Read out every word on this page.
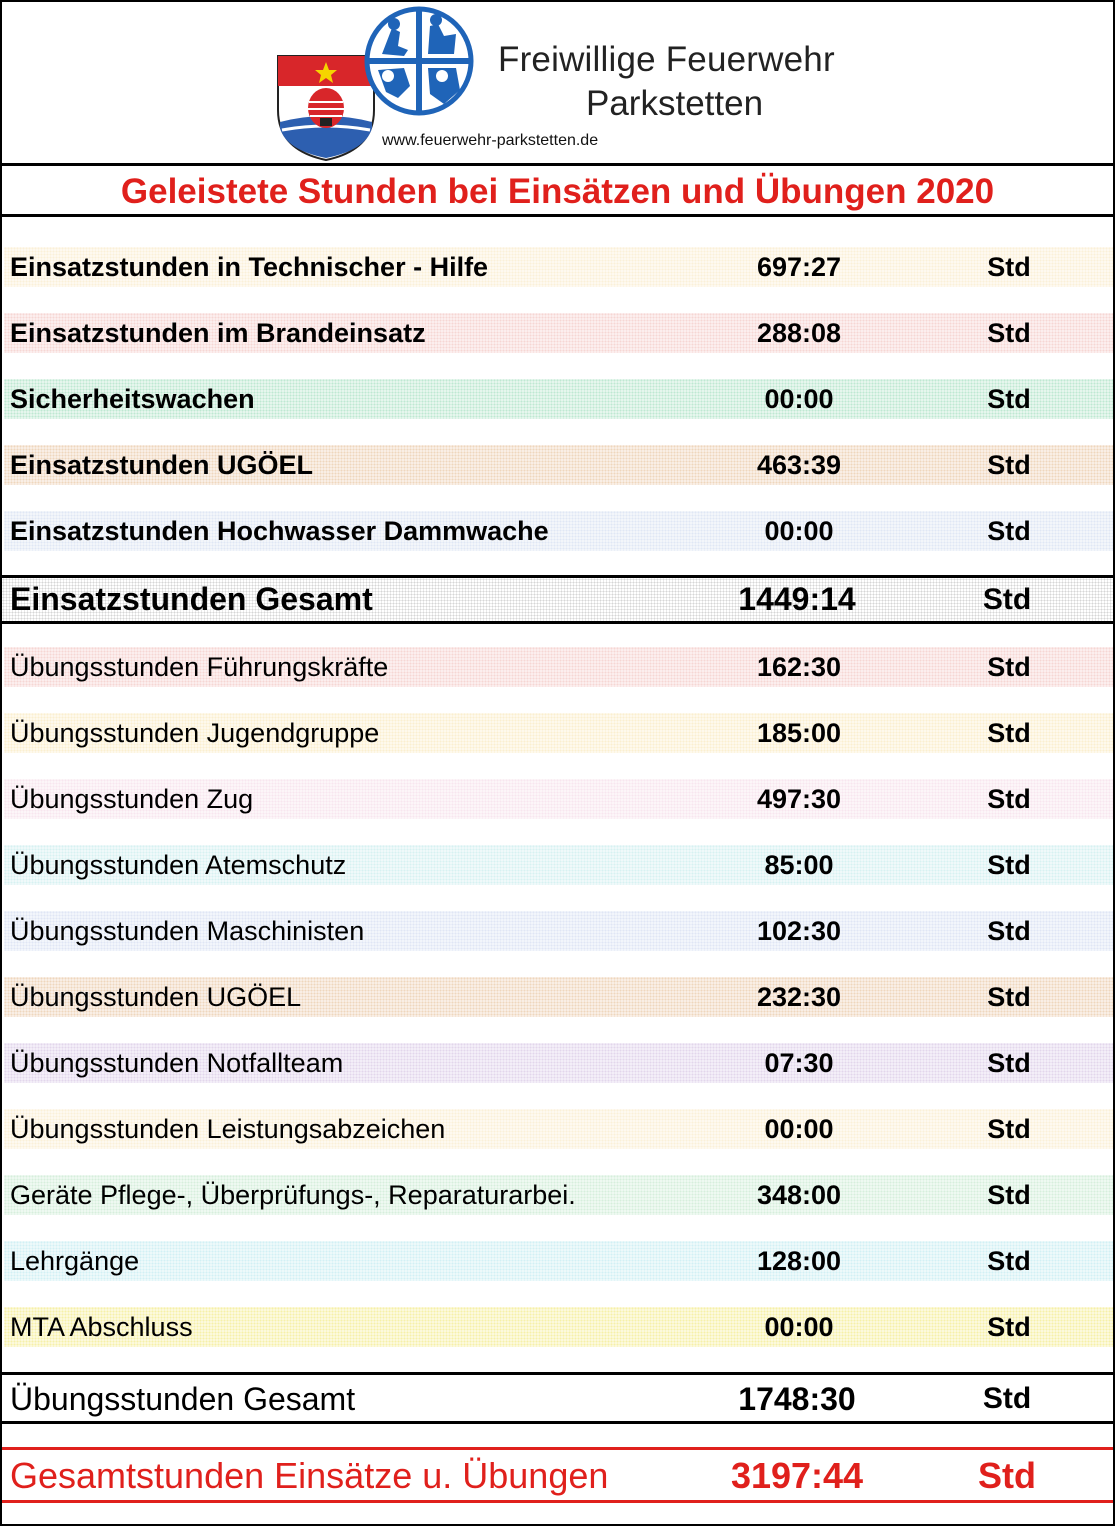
Freiwillige Feuerwehr
Parkstetten
www.feuerwehr-parkstetten.de
Geleistete Stunden bei Einsätzen und Übungen 2020
Einsatzstunden in Technischer - Hilfe	697:27	Std
Einsatzstunden im Brandeinsatz	288:08	Std
Sicherheitswachen	00:00	Std
Einsatzstunden UGÖEL	463:39	Std
Einsatzstunden Hochwasser Dammwache	00:00	Std
Einsatzstunden Gesamt	1449:14	Std
Übungsstunden Führungskräfte	162:30	Std
Übungsstunden Jugendgruppe	185:00	Std
Übungsstunden Zug	497:30	Std
Übungsstunden Atemschutz	85:00	Std
Übungsstunden Maschinisten	102:30	Std
Übungsstunden UGÖEL	232:30	Std
Übungsstunden Notfallteam	07:30	Std
Übungsstunden Leistungsabzeichen	00:00	Std
Geräte Pflege-, Überprüfungs-, Reparaturarbei.	348:00	Std
Lehrgänge	128:00	Std
MTA Abschluss	00:00	Std
Übungsstunden Gesamt	1748:30	Std
Gesamtstunden Einsätze u. Übungen	3197:44	Std
